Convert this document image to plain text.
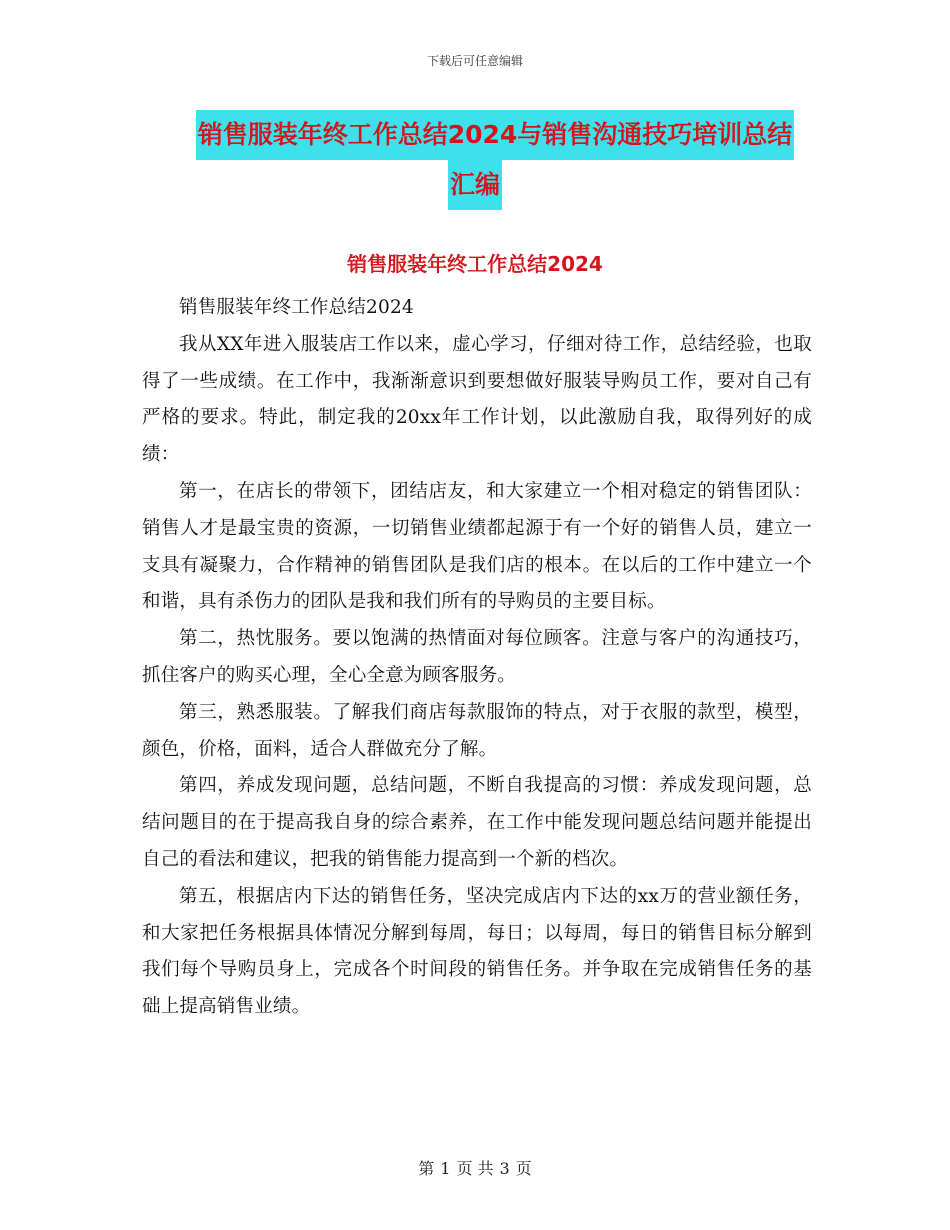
下载后可任意编辑
销售服装年终工作总结2024与销售沟通技巧培训总结
汇编
销售服装年终工作总结2024

销售服装年终工作总结2024

我从XX年进入服装店工作以来，虚心学习，仔细对待工作，总结经验，也取得了一些成绩。在工作中，我渐渐意识到要想做好服装导购员工作，要对自己有严格的要求。特此，制定我的20xx年工作计划，以此激励自我，取得列好的成绩：

第一，在店长的带领下，团结店友，和大家建立一个相对稳定的销售团队：销售人才是最宝贵的资源，一切销售业绩都起源于有一个好的销售人员，建立一支具有凝聚力，合作精神的销售团队是我们店的根本。在以后的工作中建立一个和谐，具有杀伤力的团队是我和我们所有的导购员的主要目标。

第二，热忱服务。要以饱满的热情面对每位顾客。注意与客户的沟通技巧，抓住客户的购买心理，全心全意为顾客服务。

第三，熟悉服装。了解我们商店每款服饰的特点，对于衣服的款型，模型，颜色，价格，面料，适合人群做充分了解。

第四，养成发现问题，总结问题，不断自我提高的习惯：养成发现问题，总结问题目的在于提高我自身的综合素养，在工作中能发现问题总结问题并能提出自己的看法和建议，把我的销售能力提高到一个新的档次。

第五，根据店内下达的销售任务，坚决完成店内下达的xx万的营业额任务，和大家把任务根据具体情况分解到每周，每日；以每周，每日的销售目标分解到我们每个导购员身上，完成各个时间段的销售任务。并争取在完成销售任务的基础上提高销售业绩。

第 1 页 共 3 页
